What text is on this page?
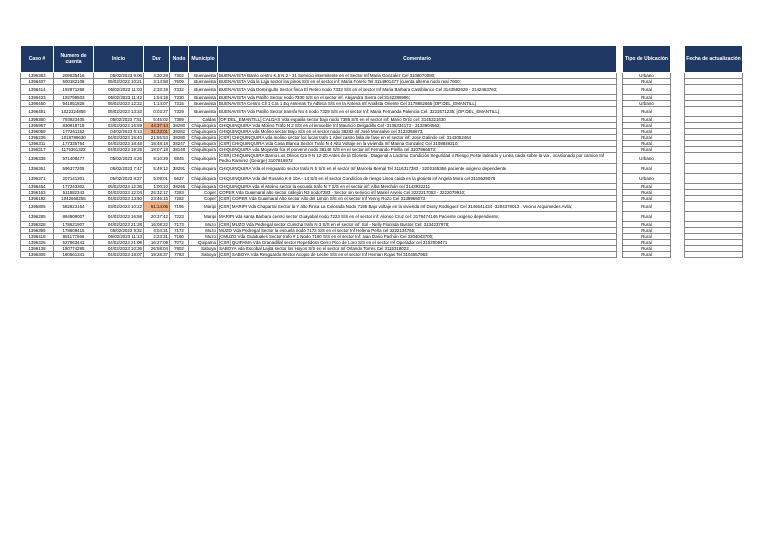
Caso #	Numero de cuenta	Inicio	Dur	Nodo	Municipio	Comentario		Tipo de Ubicación		Fecha de actualización
1396383	209535416	05/02/2023 9:06	4:30:28	7302	Buenavista	BUENAVISTA Barrio centro K.5 N.2 - 31 Servicio intermitente en el Sector Inf Maria Gonzalez Cel 3108070080;		Urbano		
1396407	500182108	05/02/2023 10:21	3:14:58	7609	Buenavista	BUENAVISTA Vda la Laja sector los pinos S/S en el sector inf: Maria Forero Tel 3114901477 (cuenta alterna nodo real 7600;		Rural		
1396414	192871268	05/02/2023 11:03	2:33:19	7332	Buenavista	BUENAVISTA Vda Domingulto Sector finca El Retiro nodo 7332 S/S en el sector Inf Maria Barbara Castiblanco Cel 3143582629 - 3142463763;		Rural		
1396433	192799503	05/02/2023 11:42	1:54:18	7330	Buenavista	BUENAVISTA Vda Patiño Sector nodo 7330 S/S en el sector inf. Alejandra Sierra cel:3142286996;		Rural		
1396450	941851828	05/02/2023 12:22	1:14:07	7315	Buenavista	BUENAVISTA Centro Cll 1 Cra 1 Eq Antenas Tv Adteca S/S en la Antena Inf Anallsta Oriente Cel 3178952655 [OP:DEL_EMANTILL]		Urbano		
1396481	1022324856	05/02/2023 13:33	0:03:27	7329	Buenavista	BUENAVISTA Vda Patiño Sector transfo No 4 nodo 7329 S/S en el sector Inf: Maria Fernanda Palencia Cel. 3223571235; [OP:DEL_EMANTILL]		Rural		
1396360	793923405	05/02/2023 7:51	5:45:02	7389	Caldas	[OP:DEL_EMANTILL] CALDAS Vda espaiila sector bajo nodo 7389 S/S en el sector inf: Mario Ortiz cel: 3145221630		Rural		
1395967	830919718	03/02/2023 16:59	44:37:14	38280	Chiquinquira	CHIQUINQUIRA Vda Molino Trafo N 2 S/S en el inmueble Inf Mauricio Delgadillo Cel -3136334173 - 3133904562;		Rural		
1396059	177261152	04/02/2023 6:13	31:23:01	38282	Chiquinquira	CHIQUINQUIRA vda Molino sector Bajo S/S en el sector nodo 38282 inf José Monsalve cel 3133368673;		Rural		
1396236	1018789630	04/02/2023 15:40	21:55:53	38280	Chiquinquira	[CSR] CHIQUINQUIRA vda molino sector los lucas trafo 1 Abel castro falla de fase en el sector inf: Jose Galindo cel: 3143052464		Rural		
1396311	177335764	04/02/2023 18:48	18:48:18	38247	Chiquinquira	[CSR] CHIQUINQUIRA Vda Casa Blanca Sector Trafo N 4 Alto Voltaje en la vivienda Inf Marina Gonzalez Cel 3108849210;		Rural		
1396317	1175361322	04/02/2023 19:29	18:07:18	38148	Chiquinquira	CHIQUINQUIRA vda Moyavita fca el porvenir nodo 38148 S/S en el sector inf Fernando Pinilla cel 3107866673;		Rural		
1396336	571408477	05/02/2023 4:26	9:10:29	6845	Chiquinquira	[CSR] CHIQUINQUIRA Barrio Los Olivos Cra 9 N 12-20 Antes de la Glorieta , Diagonal a Lactimu Condición Seguridad o Riesgo Poste ladeado y Linea caida sobre la via , ocasionado por camion Inf Pedro Ramirez (George) 3107816972		Urbano		
1396361	596377205	05/02/2023 7:47	5:49:12	38291	Chiquinquira	CHIQUINQUIRA Vda el resguardo sector trafo N 5 S/S en el sector Inf Marcela Bernal Tel 3116317383 - 3203165366 paciente oxigeno dependiente		Rural		
1396371	207141301	05/02/2023 8:27	5:09:01	6637	Chiquinquira	CHIQUINQUIRA Vda del Rosario K 9 10A - 14 S/S en el sector Condicion de riesgo Linea caida en la glorieta inf Angela Mora cel 3115629078		Urbano		
1396454	177243302	05/02/2023 12:36	1:00:10	38265	Chiquinquira	CHIQUINQUIRA vda el Molino sector la escuela trafo N 7 S/S en el sector inf: Alba Merchán cel 3143932211		Rural		
1396163	511882343	04/02/2023 12:04	25:32:17	7283	Coper	COPER Vda Guaimaral alto sector callejón N3 nodo7283 - Sector sin servicio inf Mariel Arvelo Cel 3222217053 - 3222079910;		Rural		
1396192	1042668255	04/02/2023 13:50	23:46:15	7282	Coper	[CSR] COPER Vda Guaimaral Alto sector Alto del Limón S/S en el sector Inf Yenny Rozo Cel 3138965073		Rural		
1395805	582823164	03/02/2023 10:22	51:14:05	7195	Maripi	[CSR] MARIPI Vda Chaparral Sector la Y alto Finca La Colorada Nodo 7195 Bajo voltaje en la vivienda Inf Diosy Rodriguez Cel 3146541434 -3204379013 . Vecino Arquimedes Avila;		Rural		
1396285	884909007	04/02/2023 16:58	20:37:42	7223	Maripi	MARIPI vda santa Barbara centro sector Guayabal nodo 7223 S/S en el sector inf: Alonso Cruz cel: 3178474146 Paciente oxigeno dependiente;		Rural		
1396328	178621907	04/02/2023 21:28	16:08:22	7173	Muzo	[CSR] MUZO Vda Pedregal sector Cuincha trafo N 3 S/S en el sector inf: Sol - Nelly Florinda Bustos Cel: 3134237978;		Rural		
1396395	178609415	05/02/2023 9:32	4:04:31	7172	Muzo	MUZO Vda Pedregal Sector la escuela nodo 7172 S/S en el sector Inf Helena Peña cel 3222134765;		Rural		
1396418	881177666	05/02/2023 11:13	2:23:31	7160	Muzo	[CMUZO Vda Guaduales Sector trafo # 1 Nodo 7160 S/S en el sector Inf: Ivan Dario Pachón Cel 3204043700;		Rural		
1396326	527963441	04/02/2023 21:09	16:27:09	7072	Quipama	[CSR] QUIPAMA Vda Granadillal sector Repetidora Cerro Pico de Loro S/S en el sector Inf Operador cel 3152009471		Rural		
1396138	180774295	04/02/2023 10:36	26:58:04	7802	Saboya	SABOYA vda Escobal Lajita sector los Hoyos S/S en el sector Inf Orlando Torres Cel 3115318022		Rural		
1396305	180561341	04/02/2023 18:07	19:28:37	7783	Saboya	[CSR] SABOYA Vda Resguardo Sector Acopio de Leche S/S en el sector Inf Hernan Rojas Tel 3104557963		Rural		
